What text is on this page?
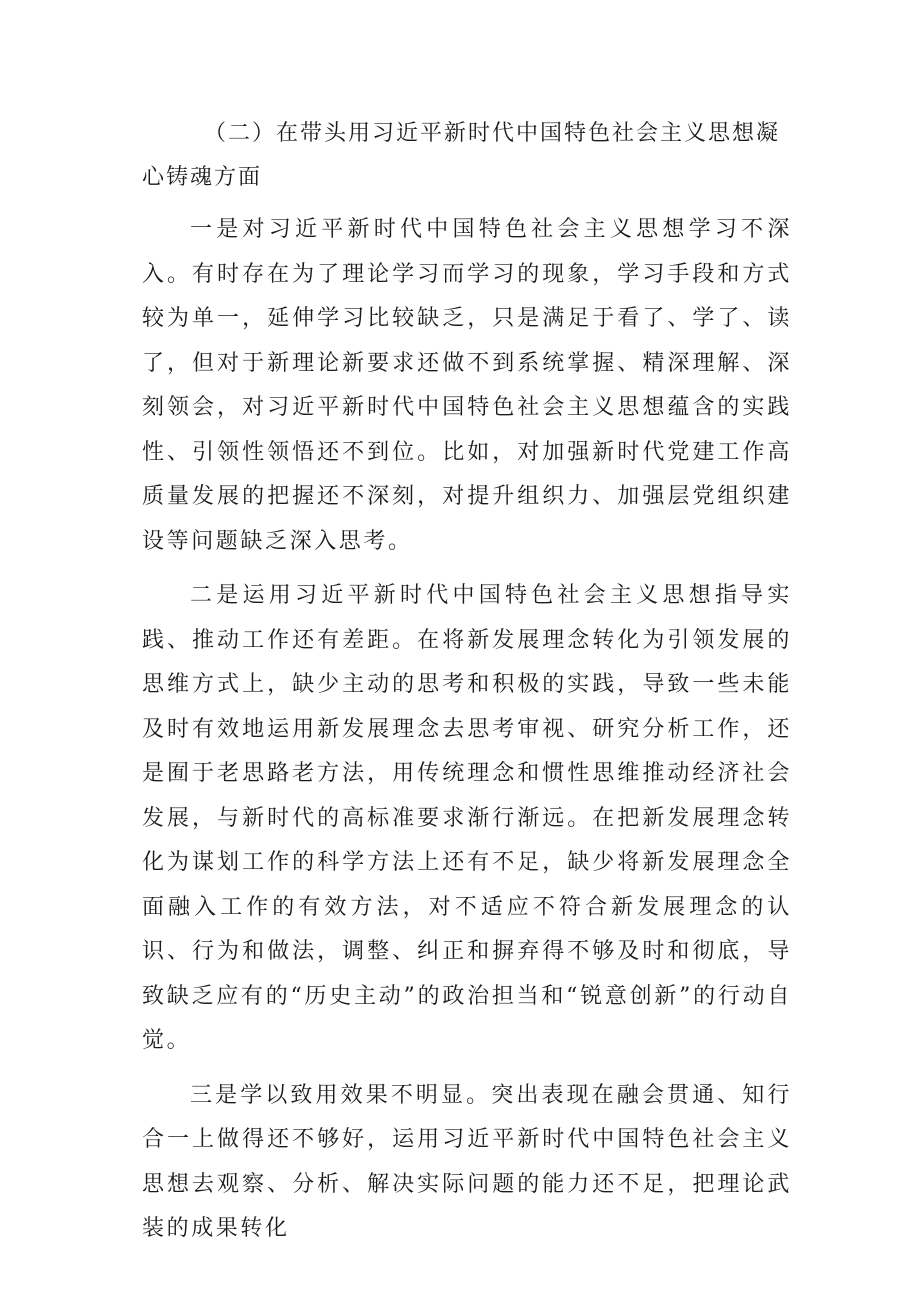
（二）在带头用习近平新时代中国特色社会主义思想凝心铸魂方面

一是对习近平新时代中国特色社会主义思想学习不深入。有时存在为了理论学习而学习的现象，学习手段和方式较为单一，延伸学习比较缺乏，只是满足于看了、学了、读了，但对于新理论新要求还做不到系统掌握、精深理解、深刻领会，对习近平新时代中国特色社会主义思想蕴含的实践性、引领性领悟还不到位。比如，对加强新时代党建工作高质量发展的把握还不深刻，对提升组织力、加强层党组织建设等问题缺乏深入思考。

二是运用习近平新时代中国特色社会主义思想指导实践、推动工作还有差距。在将新发展理念转化为引领发展的思维方式上，缺少主动的思考和积极的实践，导致一些未能及时有效地运用新发展理念去思考审视、研究分析工作，还是囿于老思路老方法，用传统理念和惯性思维推动经济社会发展，与新时代的高标准要求渐行渐远。在把新发展理念转化为谋划工作的科学方法上还有不足，缺少将新发展理念全面融入工作的有效方法，对不适应不符合新发展理念的认识、行为和做法，调整、纠正和摒弃得不够及时和彻底，导致缺乏应有的“历史主动”的政治担当和“锐意创新”的行动自觉。

三是学以致用效果不明显。突出表现在融会贯通、知行合一上做得还不够好，运用习近平新时代中国特色社会主义思想去观察、分析、解决实际问题的能力还不足，把理论武装的成果转化
